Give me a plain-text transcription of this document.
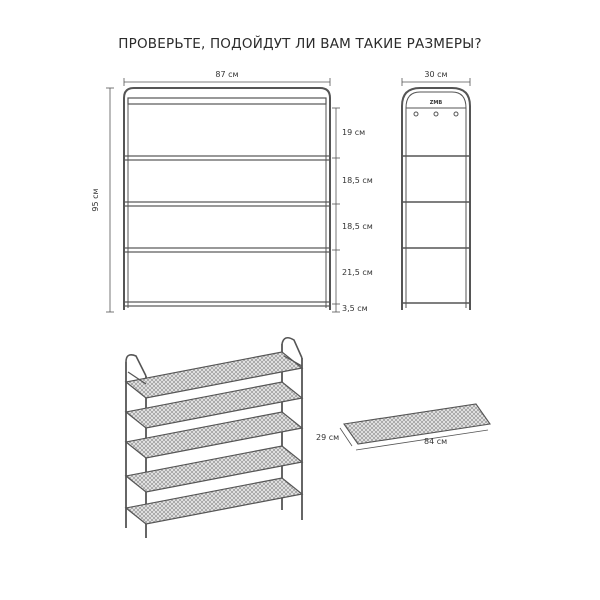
ПРОВЕРЬТЕ, ПОДОЙДУТ ЛИ ВАМ ТАКИЕ РАЗМЕРЫ?
87 см
95 см
19 см
18,5 см
18,5 см
21,5 см
3,5 см
30 см
ZMB
29 см	84 см
